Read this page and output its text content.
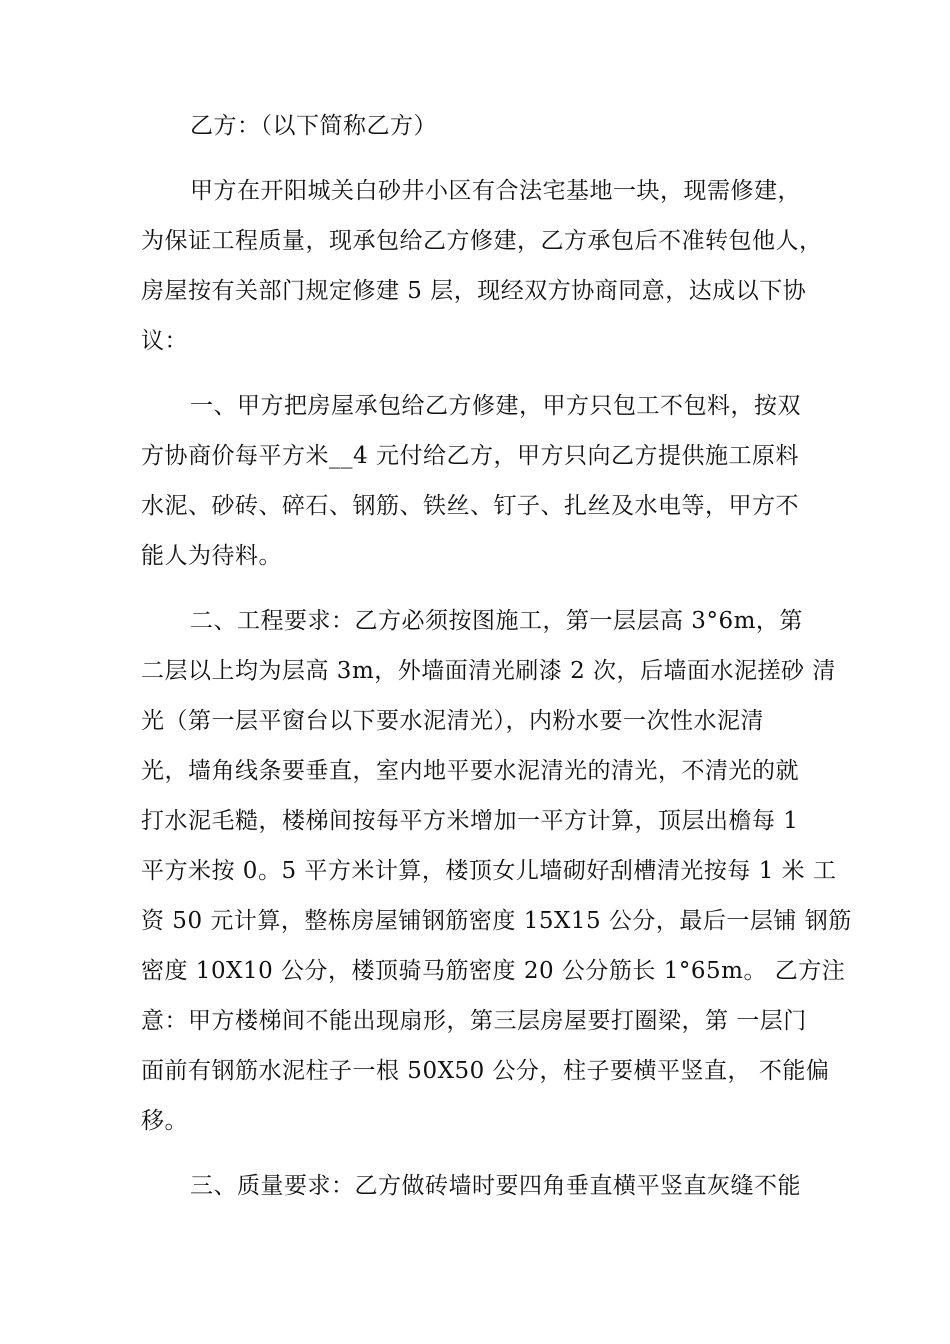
乙方：（以下简称乙方）
甲方在开阳城关白砂井小区有合法宅基地一块，现需修建，
为保证工程质量，现承包给乙方修建，乙方承包后不准转包他人，
房屋按有关部门规定修建 5 层，现经双方协商同意，达成以下协
议：
一、甲方把房屋承包给乙方修建，甲方只包工不包料，按双
方协商价每平方米__4 元付给乙方，甲方只向乙方提供施工原料
水泥、砂砖、碎石、钢筋、铁丝、钉子、扎丝及水电等，甲方不
能人为待料。
二、工程要求：乙方必须按图施工，第一层层高 3°6m，第
二层以上均为层高 3m，外墙面清光刷漆 2 次，后墙面水泥搓砂 清
光（第一层平窗台以下要水泥清光），内粉水要一次性水泥清
光，墙角线条要垂直，室内地平要水泥清光的清光，不清光的就
打水泥毛糙，楼梯间按每平方米增加一平方计算，顶层出檐每 1
平方米按 0。5 平方米计算，楼顶女儿墙砌好刮槽清光按每 1 米 工
资 50 元计算，整栋房屋铺钢筋密度 15X15 公分，最后一层铺 钢筋
密度 10X10 公分，楼顶骑马筋密度 20 公分筋长 1°65m。 乙方注
意：甲方楼梯间不能出现扇形，第三层房屋要打圈梁，第 一层门
面前有钢筋水泥柱子一根 50X50 公分，柱子要横平竖直， 不能偏
移。
三、质量要求：乙方做砖墙时要四角垂直横平竖直灰缝不能
